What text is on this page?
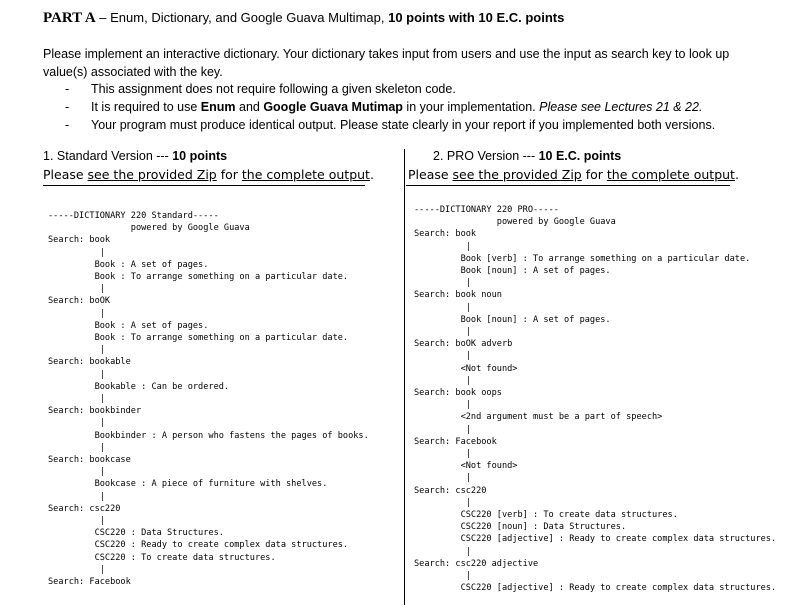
PART A – Enum, Dictionary, and Google Guava Multimap, 10 points with 10 E.C. points
Please implement an interactive dictionary. Your dictionary takes input from users and use the input as search key to look up value(s) associated with the key.
-	This assignment does not require following a given skeleton code.
-	It is required to use Enum and Google Guava Mutimap in your implementation. Please see Lectures 21 & 22.
-	Your program must produce identical output. Please state clearly in your report if you implemented both versions.
1. Standard Version --- 10 points
Please see the provided Zip for the complete output.
2. PRO Version --- 10 E.C. points
Please see the provided Zip for the complete output.
-----DICTIONARY 220 Standard-----
powered by Google Guava
Search: book
|
Book : A set of pages.
Book : To arrange something on a particular date.
|
Search: boOK
|
Book : A set of pages.
Book : To arrange something on a particular date.
|
Search: bookable
|
Bookable : Can be ordered.
|
Search: bookbinder
|
Bookbinder : A person who fastens the pages of books.
|
Search: bookcase
|
Bookcase : A piece of furniture with shelves.
|
Search: csc220
|
CSC220 : Data Structures.
CSC220 : Ready to create complex data structures.
CSC220 : To create data structures.
|
Search: Facebook
-----DICTIONARY 220 PRO-----
powered by Google Guava
Search: book
|
Book [verb] : To arrange something on a particular date.
Book [noun] : A set of pages.
|
Search: book noun
|
Book [noun] : A set of pages.
|
Search: boOK adverb
|
<Not found>
|
Search: book oops
|
<2nd argument must be a part of speech>
|
Search: Facebook
|
<Not found>
|
Search: csc220
|
CSC220 [verb] : To create data structures.
CSC220 [noun] : Data Structures.
CSC220 [adjective] : Ready to create complex data structures.
|
Search: csc220 adjective
|
CSC220 [adjective] : Ready to create complex data structures.
